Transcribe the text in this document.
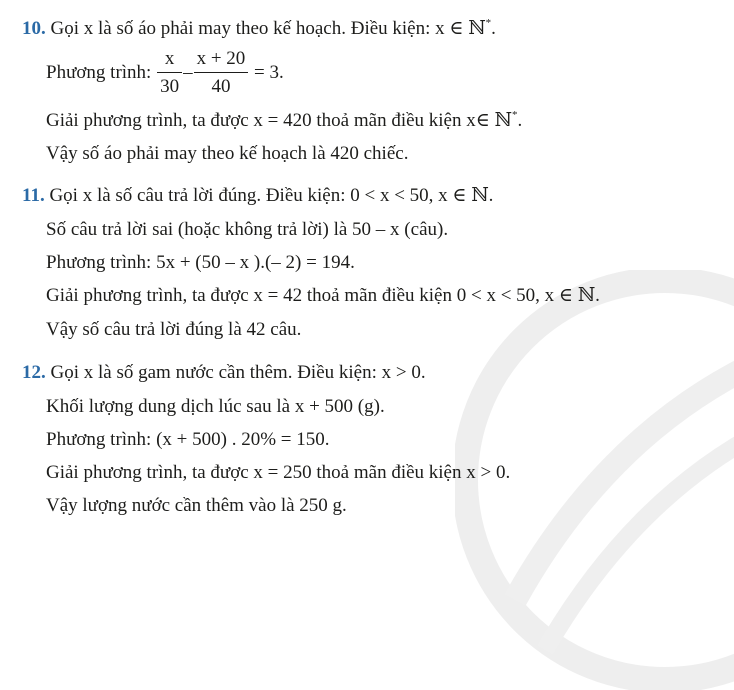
10. Gọi x là số áo phải may theo kế hoạch. Điều kiện: x ∈ ℕ*.
Phương trình: $\frac{x}{30} - \frac{x + 20}{40} = 3$.
Giải phương trình, ta được x = 420 thoả mãn điều kiện x∈ ℕ*.
Vậy số áo phải may theo kế hoạch là 420 chiếc.
11. Gọi x là số câu trả lời đúng. Điều kiện: 0 < x < 50, x ∈ ℕ.
Số câu trả lời sai (hoặc không trả lời) là 50 – x (câu).
Phương trình: 5x + (50 – x ).(– 2) = 194.
Giải phương trình, ta được x = 42 thoả mãn điều kiện 0 < x < 50, x ∈ ℕ.
Vậy số câu trả lời đúng là 42 câu.
12. Gọi x là số gam nước cần thêm. Điều kiện: x > 0.
Khối lượng dung dịch lúc sau là x + 500 (g).
Phương trình: (x + 500) . 20% = 150.
Giải phương trình, ta được x = 250 thoả mãn điều kiện x > 0.
Vậy lượng nước cần thêm vào là 250 g.
